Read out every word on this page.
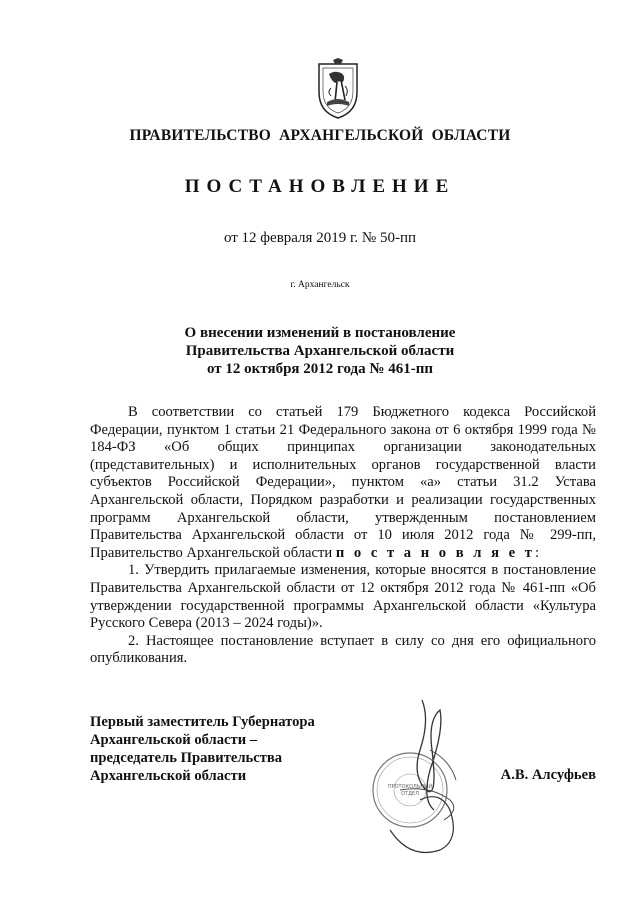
ПРАВИТЕЛЬСТВО АРХАНГЕЛЬСКОЙ ОБЛАСТИ
ПОСТАНОВЛЕНИЕ
от 12 февраля 2019 г. № 50-пп
г. Архангельск
О внесении изменений в постановление
Правительства Архангельской области
от 12 октября 2012 года № 461-пп

В соответствии со статьей 179 Бюджетного кодекса Российской Федерации, пунктом 1 статьи 21 Федерального закона от 6 октября 1999 года № 184-ФЗ «Об общих принципах организации законодательных (представительных) и исполнительных органов государственной власти субъектов Российской Федерации», пунктом «а» статьи 31.2 Устава Архангельской области, Порядком разработки и реализации государственных программ Архангельской области, утвержденным постановлением Правительства Архангельской области от 10 июля 2012 года № 299-пп, Правительство Архангельской области п о с т а н о в л я е т:

1. Утвердить прилагаемые изменения, которые вносятся в постановление Правительства Архангельской области от 12 октября 2012 года № 461-пп «Об утверждении государственной программы Архангельской области «Культура Русского Севера (2013 – 2024 годы)».

2. Настоящее постановление вступает в силу со дня его официального опубликования.

Первый заместитель Губернатора
Архангельской области –
председатель Правительства
Архангельской области
ПРОТОКОЛЬНЫЙ
ОТДЕЛ
А.В. Алсуфьев
